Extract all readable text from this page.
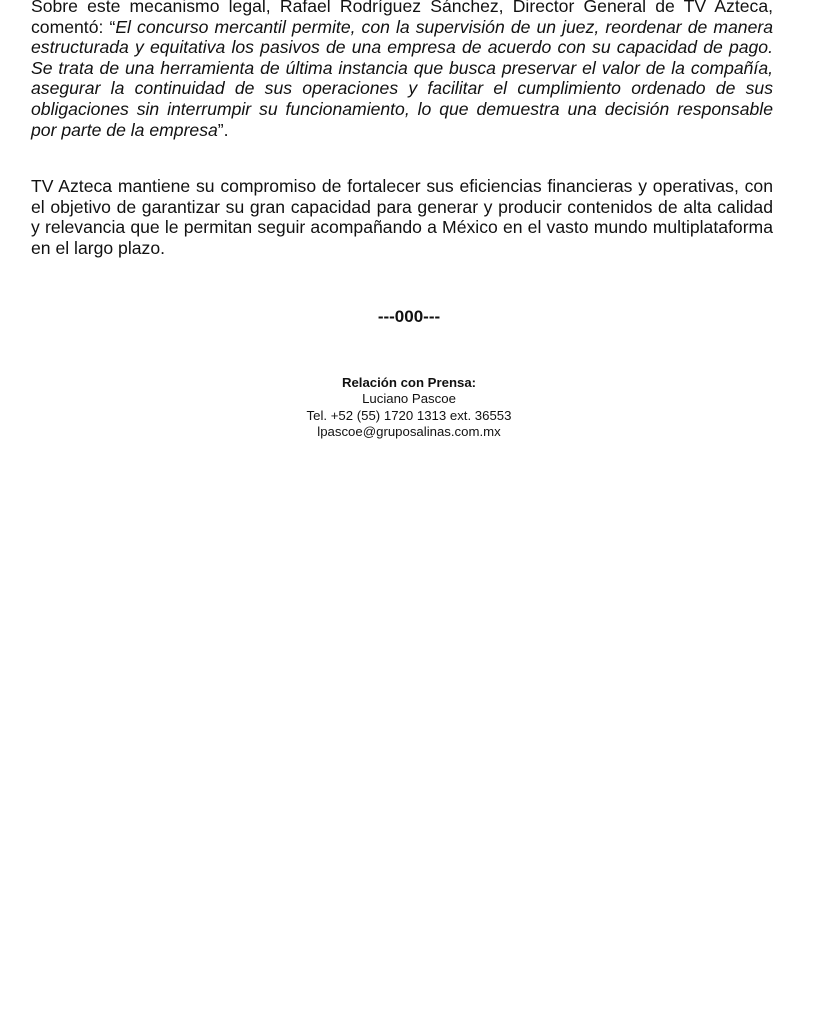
Sobre este mecanismo legal, Rafael Rodríguez Sánchez, Director General de TV Azteca, comentó: “El concurso mercantil permite, con la supervisión de un juez, reordenar de manera estructurada y equitativa los pasivos de una empresa de acuerdo con su capacidad de pago. Se trata de una herramienta de última instancia que busca preservar el valor de la compañía, asegurar la continuidad de sus operaciones y facilitar el cumplimiento ordenado de sus obligaciones sin interrumpir su funcionamiento, lo que demuestra una decisión responsable por parte de la empresa”.

TV Azteca mantiene su compromiso de fortalecer sus eficiencias financieras y operativas, con el objetivo de garantizar su gran capacidad para generar y producir contenidos de alta calidad y relevancia que le permitan seguir acompañando a México en el vasto mundo multiplataforma en el largo plazo.

---000---
Relación con Prensa:
Luciano Pascoe
Tel. +52 (55) 1720 1313 ext. 36553
lpascoe@gruposalinas.com.mx
